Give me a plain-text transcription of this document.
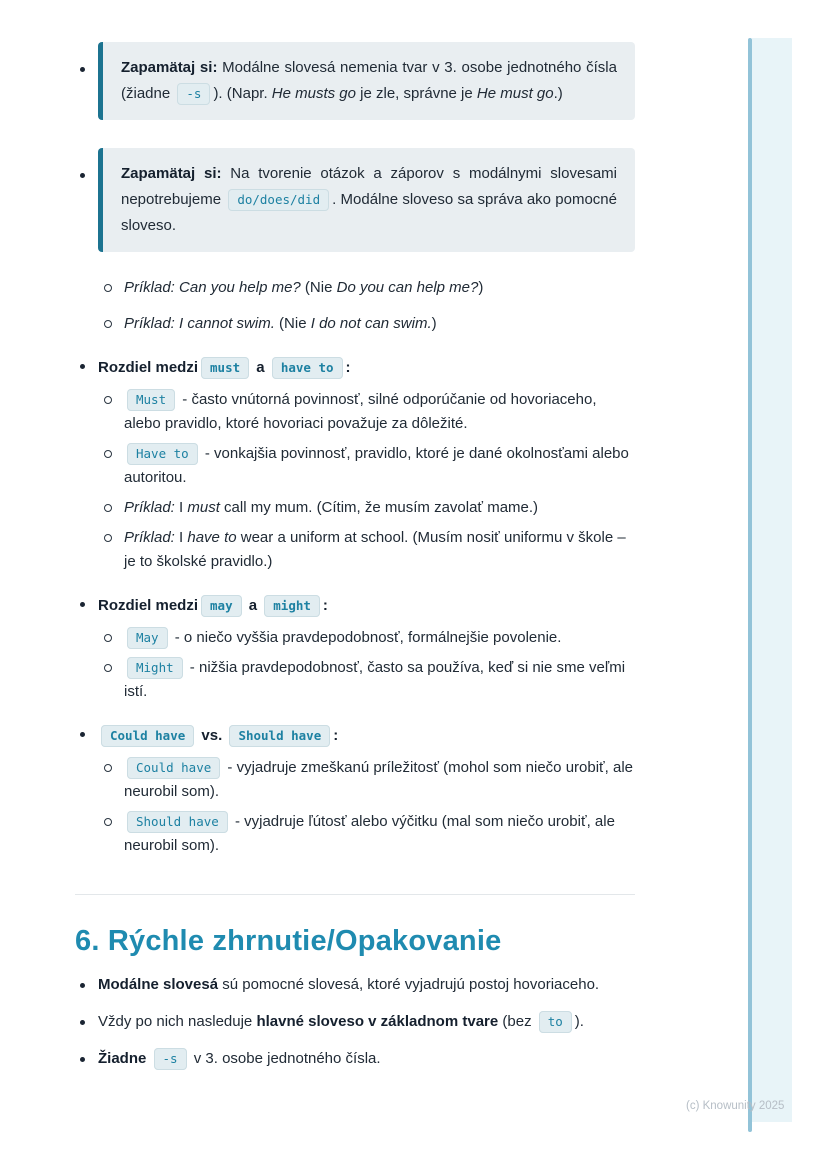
Zapamätaj si: Modálne slovesá nemenia tvar v 3. osobe jednotného čísla (žiadne -s ). (Napr. He musts go je zle, správne je He must go.)

Zapamätaj si: Na tvorenie otázok a záporov s modálnymi slovesami nepotrebujeme do/does/did . Modálne sloveso sa správa ako pomocné sloveso.

Príklad: Can you help me? (Nie Do you can help me?)
Príklad: I cannot swim. (Nie I do not can swim.)
Rozdiel medzi must a have to :
Must - často vnútorná povinnosť, silné odporúčanie od hovoriaceho, alebo pravidlo, ktoré hovoriaci považuje za dôležité.
Have to - vonkajšia povinnosť, pravidlo, ktoré je dané okolnosťami alebo autoritou.
Príklad: I must call my mum. (Cítim, že musím zavolať mame.)
Príklad: I have to wear a uniform at school. (Musím nosiť uniformu v škole – je to školské pravidlo.)
Rozdiel medzi may a might :
May - o niečo vyššia pravdepodobnosť, formálnejšie povolenie.
Might - nižšia pravdepodobnosť, často sa používa, keď si nie sme veľmi istí.
Could have vs. Should have :
Could have - vyjadruje zmeškanú príležitosť (mohol som niečo urobiť, ale neurobil som).
Should have - vyjadruje ľútosť alebo výčitku (mal som niečo urobiť, ale neurobil som).
6. Rýchle zhrnutie/Opakovanie
Modálne slovesá sú pomocné slovesá, ktoré vyjadrujú postoj hovoriaceho.
Vždy po nich nasleduje hlavné sloveso v základnom tvare (bez to ).
Žiadne -s v 3. osobe jednotného čísla.
(c) Knowunity 2025
